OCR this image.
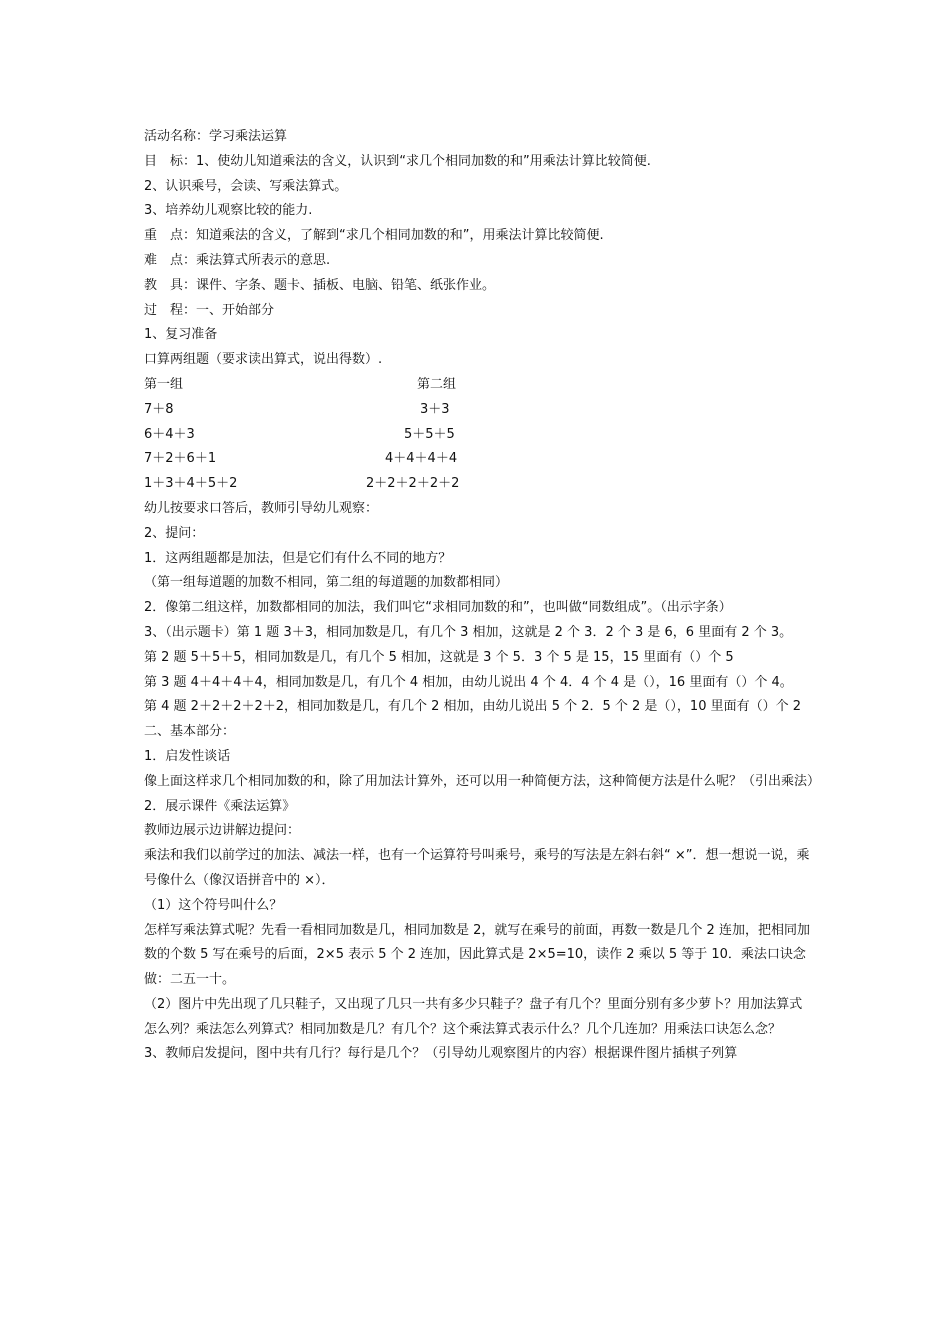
活动名称：学习乘法运算
目　标：1、使幼儿知道乘法的含义，认识到“求几个相同加数的和”用乘法计算比较简便.
2、认识乘号，会读、写乘法算式。
3、培养幼儿观察比较的能力.
重　点：知道乘法的含义，了解到“求几个相同加数的和”，用乘法计算比较简便.
难　点：乘法算式所表示的意思.
教　具：课件、字条、题卡、插板、电脑、铅笔、纸张作业。
过　程：一、开始部分
1、复习准备
口算两组题（要求读出算式，说出得数）.
第一组	第二组
7＋8	3＋3
6＋4＋3	5＋5＋5
7＋2＋6＋1	4＋4＋4＋4
1＋3＋4＋5＋2	2＋2＋2＋2＋2
幼儿按要求口答后，教师引导幼儿观察：
2、提问：
1．这两组题都是加法，但是它们有什么不同的地方？
（第一组每道题的加数不相同，第二组的每道题的加数都相同）
2．像第二组这样，加数都相同的加法，我们叫它“求相同加数的和”，也叫做“同数组成”。（出示字条）
3、（出示题卡）第 1 题 3＋3，相同加数是几，有几个 3 相加，这就是 2 个 3．2 个 3 是 6，6 里面有 2 个 3。
第 2 题 5＋5＋5，相同加数是几，有几个 5 相加，这就是 3 个 5．3 个 5 是 15，15 里面有（）个 5
第 3 题 4＋4＋4＋4，相同加数是几，有几个 4 相加，由幼儿说出 4 个 4．4 个 4 是（），16 里面有（）个 4。
第 4 题 2＋2＋2＋2＋2，相同加数是几，有几个 2 相加，由幼儿说出 5 个 2．5 个 2 是（），10 里面有（）个 2
二、基本部分：
1．启发性谈话
像上面这样求几个相同加数的和，除了用加法计算外，还可以用一种简便方法，这种简便方法是什么呢？（引出乘法）
2．展示课件《乘法运算》
教师边展示边讲解边提问：
乘法和我们以前学过的加法、减法一样，也有一个运算符号叫乘号，乘号的写法是左斜右斜“ ×”．想一想说一说，乘号像什么（像汉语拼音中的 ×）．
（1）这个符号叫什么？
怎样写乘法算式呢？先看一看相同加数是几，相同加数是 2，就写在乘号的前面，再数一数是几个 2 连加，把相同加数的个数 5 写在乘号的后面，2×5 表示 5 个 2 连加，因此算式是 2×5=10，读作 2 乘以 5 等于 10．乘法口诀念做：二五一十。
（2）图片中先出现了几只鞋子，又出现了几只一共有多少只鞋子？盘子有几个？里面分别有多少萝卜？用加法算式怎么列？乘法怎么列算式？相同加数是几？有几个？这个乘法算式表示什么？几个几连加？用乘法口诀怎么念？
3、教师启发提问，图中共有几行？每行是几个？（引导幼儿观察图片的内容）根据课件图片插棋子列算
